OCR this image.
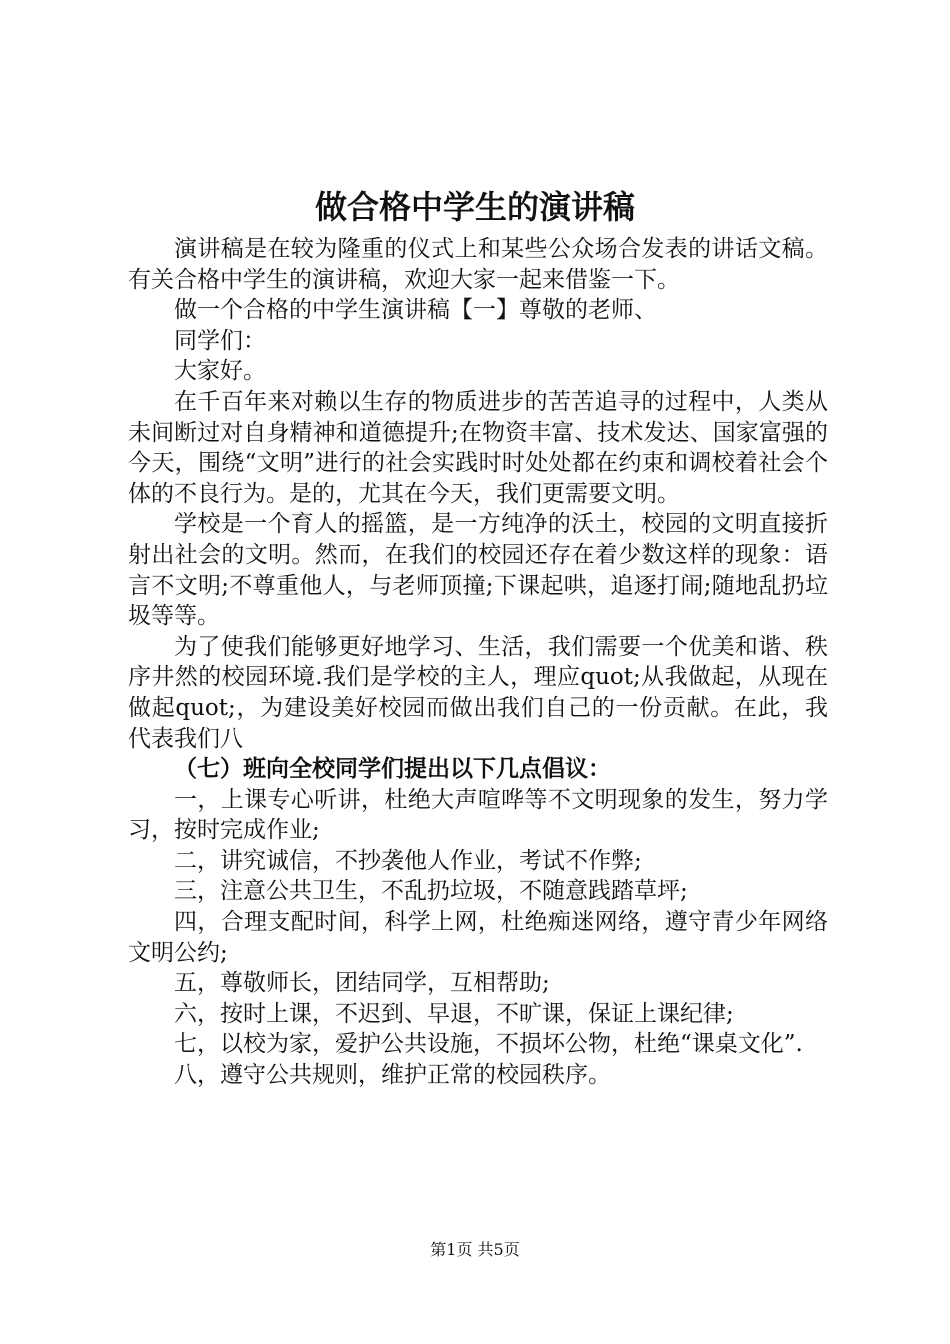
做合格中学生的演讲稿

演讲稿是在较为隆重的仪式上和某些公众场合发表的讲话文稿。有关合格中学生的演讲稿，欢迎大家一起来借鉴一下。

做一个合格的中学生演讲稿【一】尊敬的老师、

同学们：

大家好。

在千百年来对赖以生存的物质进步的苦苦追寻的过程中，人类从未间断过对自身精神和道德提升;在物资丰富、技术发达、国家富强的今天，围绕“文明”进行的社会实践时时处处都在约束和调校着社会个体的不良行为。是的，尤其在今天，我们更需要文明。

学校是一个育人的摇篮，是一方纯净的沃土，校园的文明直接折射出社会的文明。然而，在我们的校园还存在着少数这样的现象：语言不文明;不尊重他人，与老师顶撞;下课起哄，追逐打闹;随地乱扔垃圾等等。

为了使我们能够更好地学习、生活，我们需要一个优美和谐、秩序井然的校园环境.我们是学校的主人，理应quot;从我做起，从现在做起quot;，为建设美好校园而做出我们自己的一份贡献。在此，我代表我们八

（七）班向全校同学们提出以下几点倡议：

一，上课专心听讲，杜绝大声喧哗等不文明现象的发生，努力学习，按时完成作业;

二，讲究诚信，不抄袭他人作业，考试不作弊;

三，注意公共卫生，不乱扔垃圾，不随意践踏草坪;

四，合理支配时间，科学上网，杜绝痴迷网络，遵守青少年网络文明公约;

五，尊敬师长，团结同学，互相帮助;

六，按时上课，不迟到、早退，不旷课，保证上课纪律;

七，以校为家，爱护公共设施，不损坏公物，杜绝“课桌文化”.

八，遵守公共规则，维护正常的校园秩序。

第1页 共5页
